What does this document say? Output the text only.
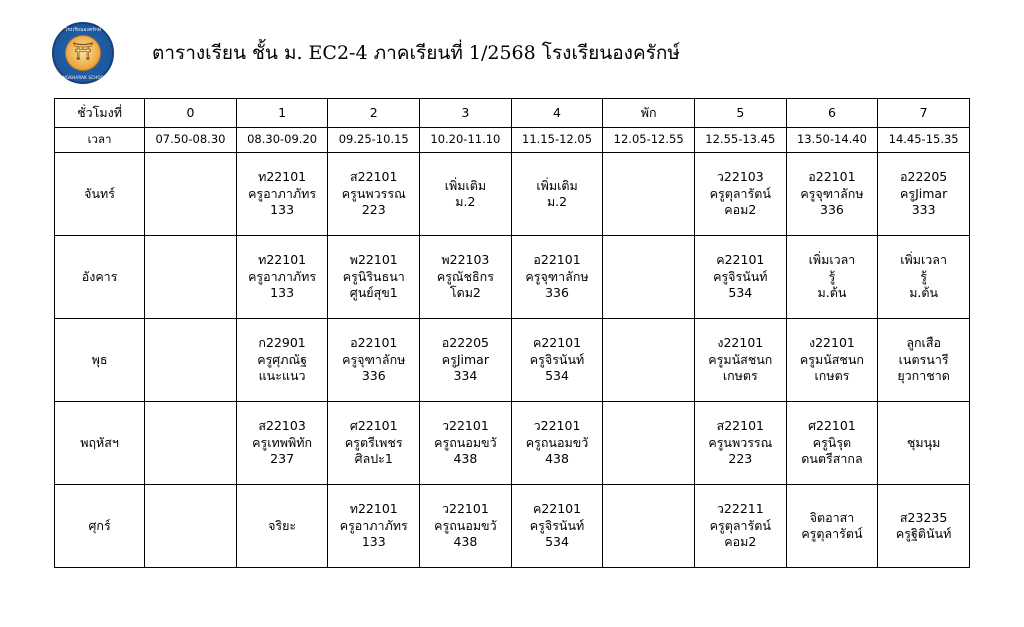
โรงเรียนองครักษ์
⛩
ONGKHARAK SCHOOL
ตารางเรียน ชั้น ม. EC2-4 ภาคเรียนที่ 1/2568 โรงเรียนองครักษ์
ชั่วโมงที่	0	1	2	3	4	พัก	5	6	7
เวลา	07.50-08.30	08.30-09.20	09.25-10.15	10.20-11.10	11.15-12.05	12.05-12.55	12.55-13.45	13.50-14.40	14.45-15.35
จันทร์		ท22101
ครูอาภาภัทร
133	ส22101
ครูนพวรรณ
223	เพิ่มเติม
ม.2	เพิ่มเติม
ม.2		ว22103
ครูตุลารัตน์
คอม2	อ22101
ครูจุฑาลักษ
336	อ22205
ครูJimar
333

อังคาร		ท22101
ครูอาภาภัทร
133	พ22101
ครูนิรินธนา
ศูนย์สุข1	พ22103
ครูณัชธิกร
โดม2	อ22101
ครูจุฑาลักษ
336		ค22101
ครูจิรนันท์
534	เพิ่มเวลา
รู้
ม.ต้น	เพิ่มเวลา
รู้
ม.ต้น

พุธ		ก22901
ครูศุภณัฐ
แนะแนว	อ22101
ครูจุฑาลักษ
336	อ22205
ครูJimar
334	ค22101
ครูจิรนันท์
534		ง22101
ครูมนัสชนก
เกษตร	ง22101
ครูมนัสชนก
เกษตร	ลูกเสือ
เนตรนารี
ยุวกาชาด

พฤหัสฯ		ส22103
ครูเทพพิทัก
237	ศ22101
ครูตรีเพชร
ศิลปะ1	ว22101
ครูถนอมขวั
438	ว22101
ครูถนอมขวั
438		ส22101
ครูนพวรรณ
223	ศ22101
ครูนิรุต
ดนตรีสากล	ชุมนุม

ศุกร์		จริยะ	ท22101
ครูอาภาภัทร
133	ว22101
ครูถนอมขวั
438	ค22101
ครูจิรนันท์
534		ว22211
ครูตุลารัตน์
คอม2	จิตอาสา
ครูตุลารัตน์	ส23235
ครูฐิตินันท์
